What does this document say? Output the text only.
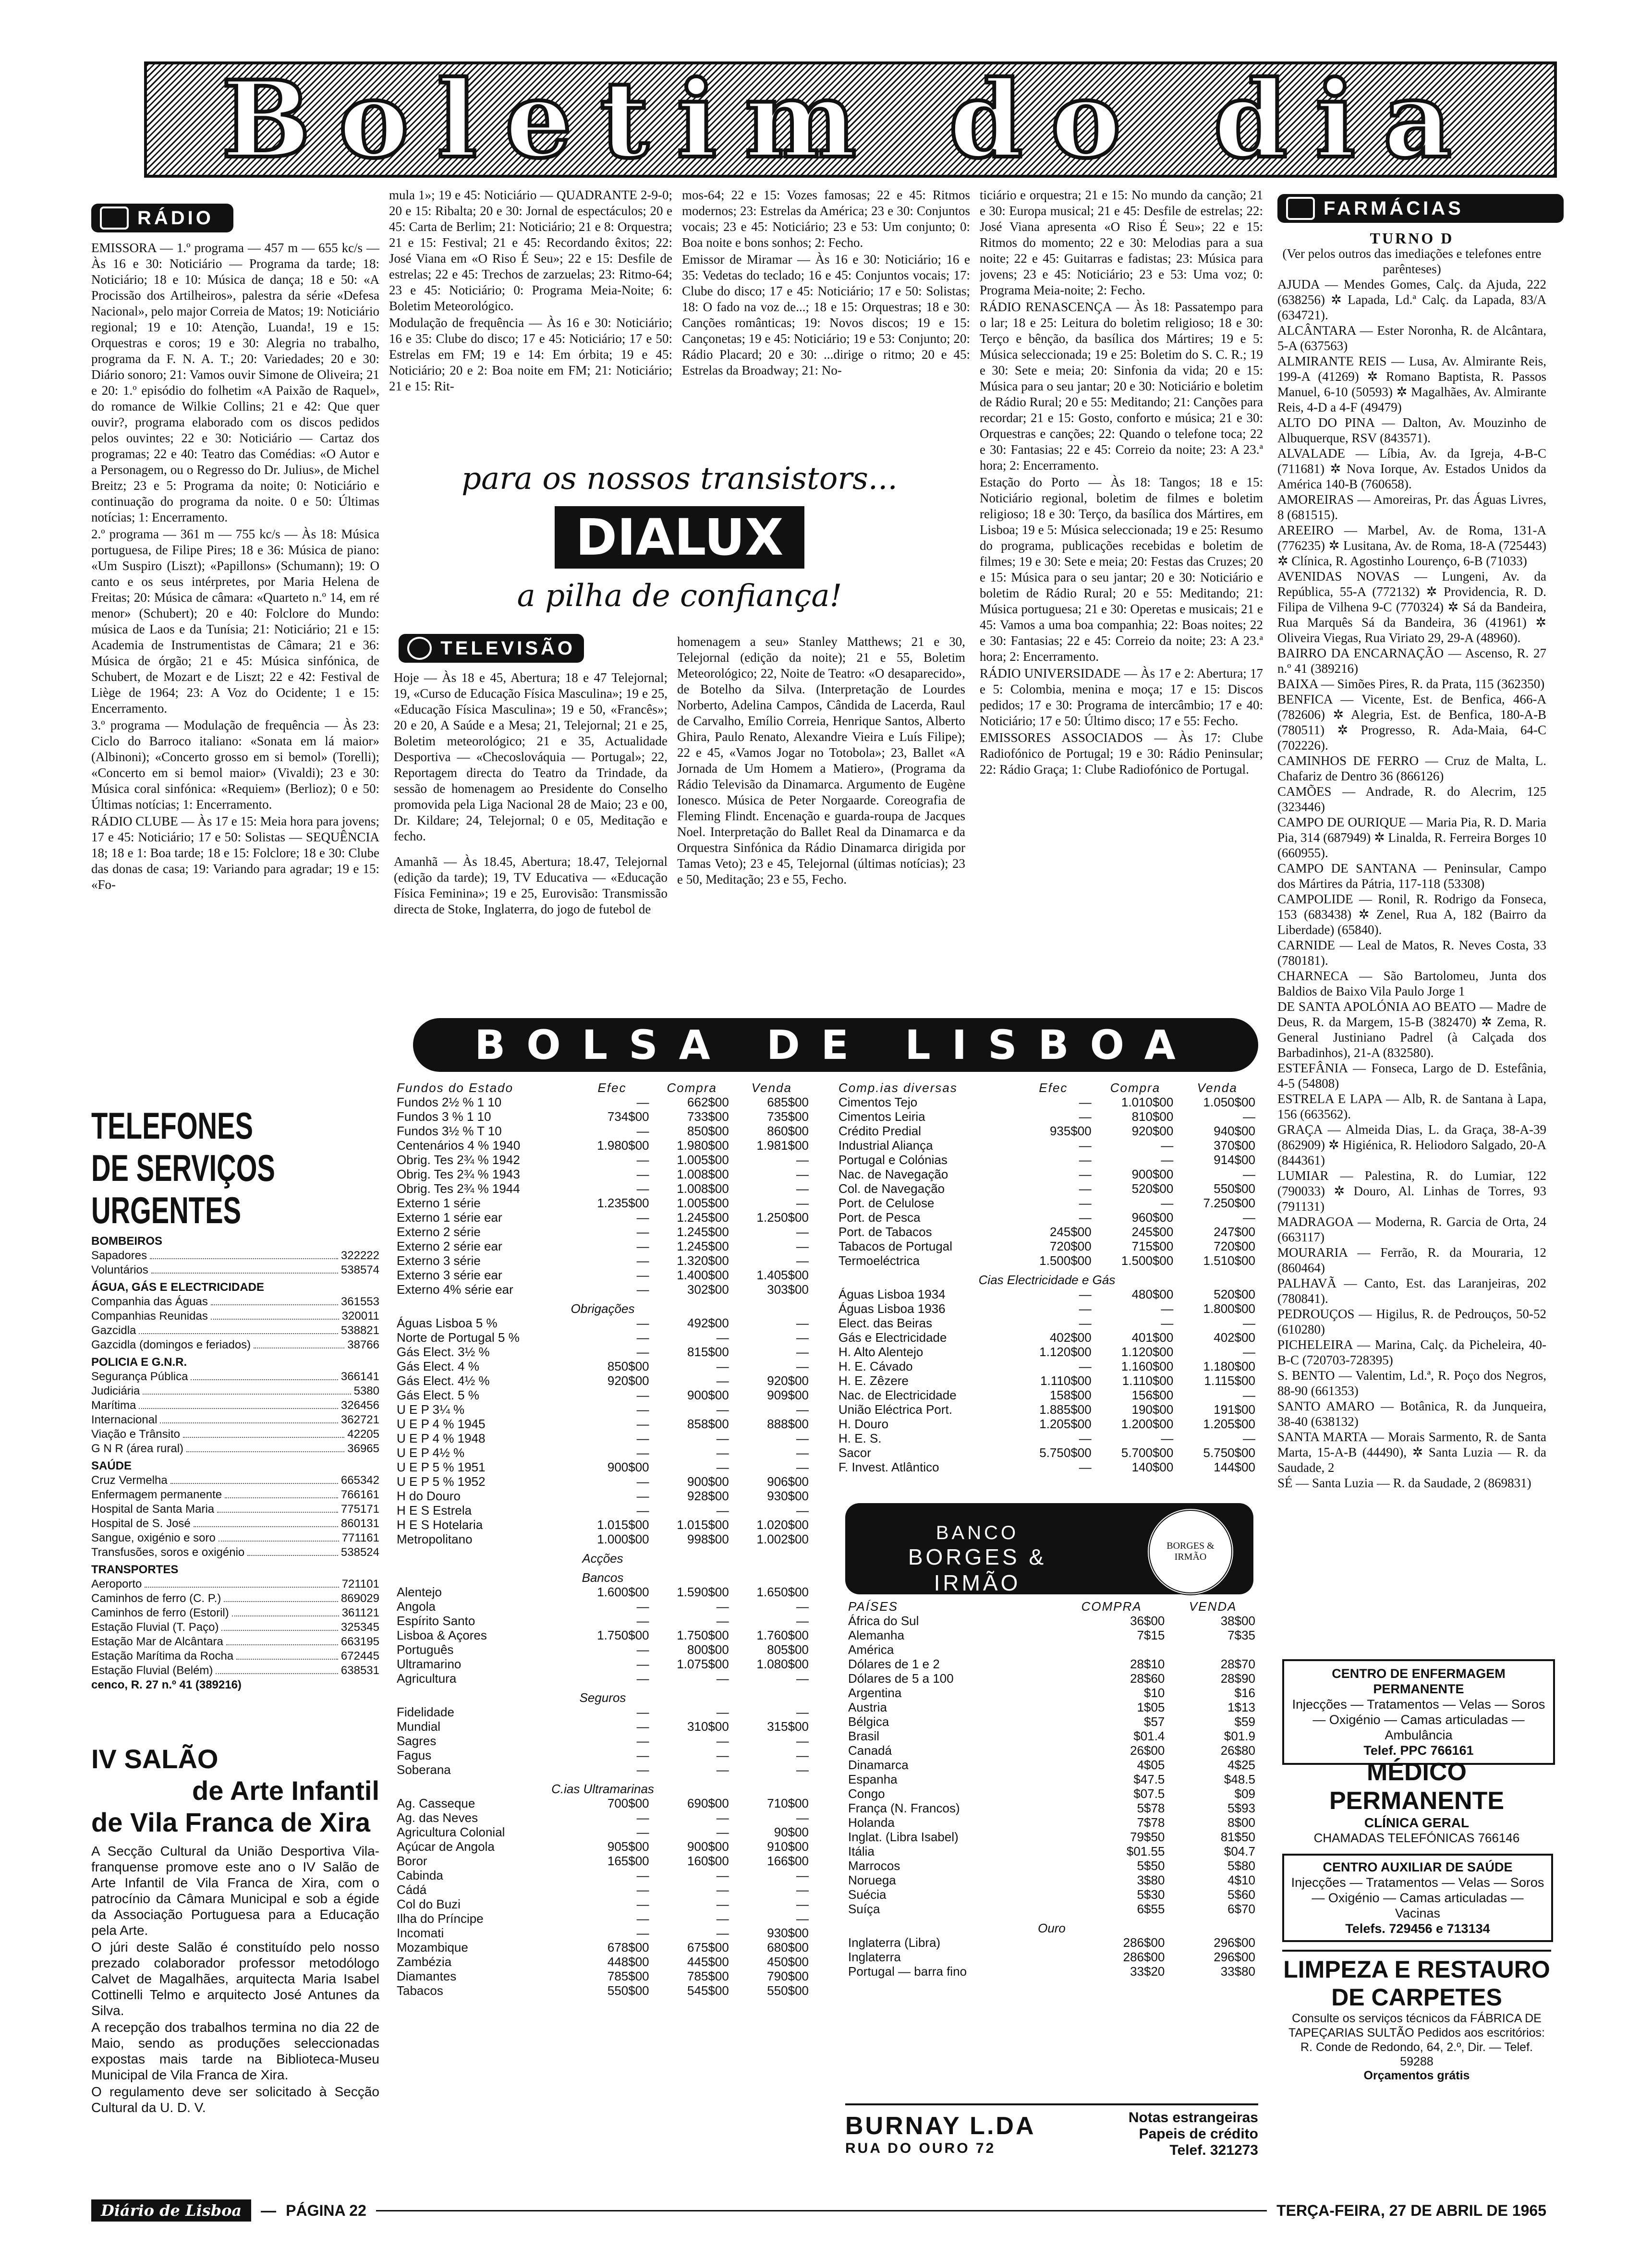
Boletim do dia
RÁDIO

EMISSORA — 1.º programa — 457 m — 655 kc/s — Às 16 e 30: Noticiário — Programa da tarde; 18: Noticiário; 18 e 10: Música de dança; 18 e 50: «A Procissão dos Artilheiros», palestra da série «Defesa Nacional», pelo major Correia de Matos; 19: Noticiário regional; 19 e 10: Atenção, Luanda!, 19 e 15: Orquestras e coros; 19 e 30: Alegria no trabalho, programa da F. N. A. T.; 20: Variedades; 20 e 30: Diário sonoro; 21: Vamos ouvir Simone de Oliveira; 21 e 20: 1.º episódio do folhetim «A Paixão de Raquel», do romance de Wilkie Collins; 21 e 42: Que quer ouvir?, programa elaborado com os discos pedidos pelos ouvintes; 22 e 30: Noticiário — Cartaz dos programas; 22 e 40: Teatro das Comédias: «O Autor e a Personagem, ou o Regresso do Dr. Julius», de Michel Breitz; 23 e 5: Programa da noite; 0: Noticiário e continuação do programa da noite. 0 e 50: Últimas notícias; 1: Encerramento.

2.º programa — 361 m — 755 kc/s — Às 18: Música portuguesa, de Filipe Pires; 18 e 36: Música de piano: «Um Suspiro (Liszt); «Papillons» (Schumann); 19: O canto e os seus intérpretes, por Maria Helena de Freitas; 20: Música de câmara: «Quarteto n.º 14, em ré menor» (Schubert); 20 e 40: Folclore do Mundo: música de Laos e da Tunísia; 21: Noticiário; 21 e 15: Academia de Instrumentistas de Câmara; 21 e 36: Música de órgão; 21 e 45: Música sinfónica, de Schubert, de Mozart e de Liszt; 22 e 42: Festival de Liège de 1964; 23: A Voz do Ocidente; 1 e 15: Encerramento.

3.º programa — Modulação de frequência — Às 23: Ciclo do Barroco italiano: «Sonata em lá maior» (Albinoni); «Concerto grosso em si bemol» (Torelli); «Concerto em si bemol maior» (Vivaldi); 23 e 30: Música coral sinfónica: «Requiem» (Berlioz); 0 e 50: Últimas notícias; 1: Encerramento.

RÁDIO CLUBE — Às 17 e 15: Meia hora para jovens; 17 e 45: Noticiário; 17 e 50: Solistas — SEQUÊNCIA 18; 18 e 1: Boa tarde; 18 e 15: Folclore; 18 e 30: Clube das donas de casa; 19: Variando para agradar; 19 e 15: «Fo-

mula 1»; 19 e 45: Noticiário — QUADRANTE 2-9-0; 20 e 15: Ribalta; 20 e 30: Jornal de espectáculos; 20 e 45: Carta de Berlim; 21: Noticiário; 21 e 8: Orquestra; 21 e 15: Festival; 21 e 45: Recordando êxitos; 22: José Viana em «O Riso É Seu»; 22 e 15: Desfile de estrelas; 22 e 45: Trechos de zarzuelas; 23: Ritmo-64; 23 e 45: Noticiário; 0: Programa Meia-Noite; 6: Boletim Meteorológico.

Modulação de frequência — Às 16 e 30: Noticiário; 16 e 35: Clube do disco; 17 e 45: Noticiário; 17 e 50: Estrelas em FM; 19 e 14: Em órbita; 19 e 45: Noticiário; 20 e 2: Boa noite em FM; 21: Noticiário; 21 e 15: Rit-

mos-64; 22 e 15: Vozes famosas; 22 e 45: Ritmos modernos; 23: Estrelas da América; 23 e 30: Conjuntos vocais; 23 e 45: Noticiário; 23 e 53: Um conjunto; 0: Boa noite e bons sonhos; 2: Fecho.

Emissor de Miramar — Às 16 e 30: Noticiário; 16 e 35: Vedetas do teclado; 16 e 45: Conjuntos vocais; 17: Clube do disco; 17 e 45: Noticiário; 17 e 50: Solistas; 18: O fado na voz de...; 18 e 15: Orquestras; 18 e 30: Canções românticas; 19: Novos discos; 19 e 15: Cançonetas; 19 e 45: Noticiário; 19 e 53: Conjunto; 20: Rádio Placard; 20 e 30: ...dirige o ritmo; 20 e 45: Estrelas da Broadway; 21: No-

ticiário e orquestra; 21 e 15: No mundo da canção; 21 e 30: Europa musical; 21 e 45: Desfile de estrelas; 22: José Viana apresenta «O Riso É Seu»; 22 e 15: Ritmos do momento; 22 e 30: Melodias para a sua noite; 22 e 45: Guitarras e fadistas; 23: Música para jovens; 23 e 45: Noticiário; 23 e 53: Uma voz; 0: Programa Meia-noite; 2: Fecho.

RÁDIO RENASCENÇA — Às 18: Passatempo para o lar; 18 e 25: Leitura do boletim religioso; 18 e 30: Terço e bênção, da basílica dos Mártires; 19 e 5: Música seleccionada; 19 e 25: Boletim do S. C. R.; 19 e 30: Sete e meia; 20: Sinfonia da vida; 20 e 15: Música para o seu jantar; 20 e 30: Noticiário e boletim de Rádio Rural; 20 e 55: Meditando; 21: Canções para recordar; 21 e 15: Gosto, conforto e música; 21 e 30: Orquestras e canções; 22: Quando o telefone toca; 22 e 30: Fantasias; 22 e 45: Correio da noite; 23: A 23.ª hora; 2: Encerramento.

Estação do Porto — Às 18: Tangos; 18 e 15: Noticiário regional, boletim de filmes e boletim religioso; 18 e 30: Terço, da basílica dos Mártires, em Lisboa; 19 e 5: Música seleccionada; 19 e 25: Resumo do programa, publicações recebidas e boletim de filmes; 19 e 30: Sete e meia; 20: Festas das Cruzes; 20 e 15: Música para o seu jantar; 20 e 30: Noticiário e boletim de Rádio Rural; 20 e 55: Meditando; 21: Música portuguesa; 21 e 30: Operetas e musicais; 21 e 45: Vamos a uma boa companhia; 22: Boas noites; 22 e 30: Fantasias; 22 e 45: Correio da noite; 23: A 23.ª hora; 2: Encerramento.

RÁDIO UNIVERSIDADE — Às 17 e 2: Abertura; 17 e 5: Colombia, menina e moça; 17 e 15: Discos pedidos; 17 e 30: Programa de intercâmbio; 17 e 40: Noticiário; 17 e 50: Último disco; 17 e 55: Fecho.

EMISSORES ASSOCIADOS — Às 17: Clube Radiofónico de Portugal; 19 e 30: Rádio Peninsular; 22: Rádio Graça; 1: Clube Radiofónico de Portugal.

para os nossos transistors...
DIALUX
a pilha de confiança!
TELEVISÃO

Hoje — Às 18 e 45, Abertura; 18 e 47 Telejornal; 19, «Curso de Educação Física Masculina»; 19 e 25, «Educação Física Masculina»; 19 e 50, «Francês»; 20 e 20, A Saúde e a Mesa; 21, Telejornal; 21 e 25, Boletim meteorológico; 21 e 35, Actualidade Desportiva — «Checoslováquia — Portugal»; 22, Reportagem directa do Teatro da Trindade, da sessão de homenagem ao Presidente do Conselho promovida pela Liga Nacional 28 de Maio; 23 e 00, Dr. Kildare; 24, Telejornal; 0 e 05, Meditação e fecho.

Amanhã — Às 18.45, Abertura; 18.47, Telejornal (edição da tarde); 19, TV Educativa — «Educação Física Feminina»; 19 e 25, Eurovisão: Transmissão directa de Stoke, Inglaterra, do jogo de futebol de

homenagem a seu» Stanley Matthews; 21 e 30, Telejornal (edição da noite); 21 e 55, Boletim Meteorológico; 22, Noite de Teatro: «O desaparecido», de Botelho da Silva. (Interpretação de Lourdes Norberto, Adelina Campos, Cândida de Lacerda, Raul de Carvalho, Emílio Correia, Henrique Santos, Alberto Ghira, Paulo Renato, Alexandre Vieira e Luís Filipe); 22 e 45, «Vamos Jogar no Totobola»; 23, Ballet «A Jornada de Um Homem a Matiero», (Programa da Rádio Televisão da Dinamarca. Argumento de Eugène Ionesco. Música de Peter Norgaarde. Coreografia de Fleming Flindt. Encenação e guarda-roupa de Jacques Noel. Interpretação do Ballet Real da Dinamarca e da Orquestra Sinfónica da Rádio Dinamarca dirigida por Tamas Veto); 23 e 45, Telejornal (últimas notícias); 23 e 50, Meditação; 23 e 55, Fecho.

TELEFONES
DE SERVIÇOS URGENTES
BOMBEIROS
Sapadores	322222
Voluntários	538574
ÁGUA, GÁS E ELECTRICIDADE
Companhia das Águas	361553
Companhias Reunidas	320011
Gazcidla	538821
Gazcidla (domingos e feriados)	38766
POLICIA E G.N.R.
Segurança Pública	366141
Judiciária	5380
Marítima	326456
Internacional	362721
Viação e Trânsito	42205
G N R (área rural)	36965
SAÚDE
Cruz Vermelha	665342
Enfermagem permanente	766161
Hospital de Santa Maria	775171
Hospital de S. José	860131
Sangue, oxigénio e soro	771161
Transfusões, soros e oxigénio	538524
TRANSPORTES
Aeroporto	721101
Caminhos de ferro (C. P.)	869029
Caminhos de ferro (Estoril)	361121
Estação Fluvial (T. Paço)	325345
Estação Mar de Alcântara	663195
Estação Marítima da Rocha	672445
Estação Fluvial (Belém)	638531
cenco, R. 27 n.º 41 (389216)
IV SALÃO
de Arte Infantil
de Vila Franca de Xira

A Secção Cultural da União Desportiva Vila-franquense promove este ano o IV Salão de Arte Infantil de Vila Franca de Xira, com o patrocínio da Câmara Municipal e sob a égide da Associação Portuguesa para a Educação pela Arte.

O júri deste Salão é constituído pelo nosso prezado colaborador professor metodólogo Calvet de Magalhães, arquitecta Maria Isabel Cottinelli Telmo e arquitecto José Antunes da Silva.

A recepção dos trabalhos termina no dia 22 de Maio, sendo as produções seleccionadas expostas mais tarde na Biblioteca-Museu Municipal de Vila Franca de Xira.

O regulamento deve ser solicitado à Secção Cultural da U. D. V.

BOLSA DE LISBOA
Fundos do Estado	Efec	Compra	Venda
Fundos 2½ % 1 10	—	662$00	685$00
Fundos 3 % 1 10	734$00	733$00	735$00
Fundos 3½ % T 10	—	850$00	860$00
Centenários 4 % 1940	1.980$00	1.980$00	1.981$00
Obrig. Tes 2¾ % 1942	—	1.005$00	—
Obrig. Tes 2¾ % 1943	—	1.008$00	—
Obrig. Tes 2¾ % 1944	—	1.008$00	—
Externo 1 série	1.235$00	1.005$00	—
Externo 1 série ear	—	1.245$00	1.250$00
Externo 2 série	—	1.245$00	—
Externo 2 série ear	—	1.245$00	—
Externo 3 série	—	1.320$00	—
Externo 3 série ear	—	1.400$00	1.405$00
Externo 4% série ear	—	302$00	303$00
Obrigações			
Águas Lisboa 5 %	—	492$00	—
Norte de Portugal 5 %	—	—	—
Gás Elect. 3½ %	—	815$00	—
Gás Elect. 4 %	850$00	—	—
Gás Elect. 4½ %	920$00	—	920$00
Gás Elect. 5 %	—	900$00	909$00
U E P 3¼ %	—	—	—
U E P 4 % 1945	—	858$00	888$00
U E P 4 % 1948	—	—	—
U E P 4½ %	—	—	—
U E P 5 % 1951	900$00	—	—
U E P 5 % 1952	—	900$00	906$00
H do Douro	—	928$00	930$00
H E S Estrela	—	—	—
H E S Hotelaria	1.015$00	1.015$00	1.020$00
Metropolitano	1.000$00	998$00	1.002$00
Acções			
Bancos			
Alentejo	1.600$00	1.590$00	1.650$00
Angola	—	—	—
Espírito Santo	—	—	—
Lisboa & Açores	1.750$00	1.750$00	1.760$00
Português	—	800$00	805$00
Ultramarino	—	1.075$00	1.080$00
Agricultura	—	—	—
Seguros			
Fidelidade	—	—	—
Mundial	—	310$00	315$00
Sagres	—	—	—
Fagus	—	—	—
Soberana	—	—	—
C.ias Ultramarinas			
Ag. Casseque	700$00	690$00	710$00
Ag. das Neves	—	—	—
Agricultura Colonial	—	—	90$00
Açúcar de Angola	905$00	900$00	910$00
Boror	165$00	160$00	166$00
Cabinda	—	—	—
Cádá	—	—	—
Col do Buzi	—	—	—
Ilha do Príncipe	—	—	—
Incomati	—	—	930$00
Mozambique	678$00	675$00	680$00
Zambézia	448$00	445$00	450$00
Diamantes	785$00	785$00	790$00
Tabacos	550$00	545$00	550$00
Comp.ias diversas	Efec	Compra	Venda
Cimentos Tejo	—	1.010$00	1.050$00
Cimentos Leiria	—	810$00	—
Crédito Predial	935$00	920$00	940$00
Industrial Aliança	—	—	370$00
Portugal e Colónias	—	—	914$00
Nac. de Navegação	—	900$00	—
Col. de Navegação	—	520$00	550$00
Port. de Celulose	—	—	7.250$00
Port. de Pesca	—	960$00	—
Port. de Tabacos	245$00	245$00	247$00
Tabacos de Portugal	720$00	715$00	720$00
Termoeléctrica	1.500$00	1.500$00	1.510$00
Cias Electricidade e Gás			
Águas Lisboa 1934	—	480$00	520$00
Águas Lisboa 1936	—	—	1.800$00
Elect. das Beiras	—	—	—
Gás e Electricidade	402$00	401$00	402$00
H. Alto Alentejo	1.120$00	1.120$00	—
H. E. Cávado	—	1.160$00	1.180$00
H. E. Zêzere	1.110$00	1.110$00	1.115$00
Nac. de Electricidade	158$00	156$00	—
União Eléctrica Port.	1.885$00	190$00	191$00
H. Douro	1.205$00	1.200$00	1.205$00
H. E. S.	—	—	—
Sacor	5.750$00	5.700$00	5.750$00
F. Invest. Atlântico	—	140$00	144$00
BANCO
BORGES & IRMÃO
BORGES & IRMÃO
PAÍSES	COMPRA	VENDA
África do Sul	36$00	38$00
Alemanha	7$15	7$35
América		
Dólares de 1 e 2	28$10	28$70
Dólares de 5 a 100	28$60	28$90
Argentina	$10	$16
Austria	1$05	1$13
Bélgica	$57	$59
Brasil	$01.4	$01.9
Canadá	26$00	26$80
Dinamarca	4$05	4$25
Espanha	$47.5	$48.5
Congo	$07.5	$09
França (N. Francos)	5$78	5$93
Holanda	7$78	8$00
Inglat. (Libra Isabel)	79$50	81$50
Itália	$01.55	$04.7
Marrocos	5$50	5$80
Noruega	3$80	4$10
Suécia	5$30	5$60
Suíça	6$55	6$70
Ouro		
Inglaterra (Libra)	286$00	296$00
Inglaterra	286$00	296$00
Portugal — barra fino	33$20	33$80
BURNAY L.DA
RUA DO OURO 72
Notas estrangeiras
Papeis de crédito
Telef. 321273
FARMÁCIAS
TURNO D
(Ver pelos outros das imediações e telefones entre parênteses)
AJUDA — Mendes Gomes, Calç. da Ajuda, 222 (638256) ✲ Lapada, Ld.ª Calç. da Lapada, 83/A (634721).
ALCÂNTARA — Ester Noronha, R. de Alcântara, 5-A (637563)
ALMIRANTE REIS — Lusa, Av. Almirante Reis, 199-A (41269) ✲ Romano Baptista, R. Passos Manuel, 6-10 (50593) ✲ Magalhães, Av. Almirante Reis, 4-D a 4-F (49479)
ALTO DO PINA — Dalton, Av. Mouzinho de Albuquerque, RSV (843571).
ALVALADE — Líbia, Av. da Igreja, 4-B-C (711681) ✲ Nova Iorque, Av. Estados Unidos da América 140-B (760658).
AMOREIRAS — Amoreiras, Pr. das Águas Livres, 8 (681515).
AREEIRO — Marbel, Av. de Roma, 131-A (776235) ✲ Lusitana, Av. de Roma, 18-A (725443) ✲ Clínica, R. Agostinho Lourenço, 6-B (71033)
AVENIDAS NOVAS — Lungeni, Av. da República, 55-A (772132) ✲ Providencia, R. D. Filipa de Vilhena 9-C (770324) ✲ Sá da Bandeira, Rua Marquês Sá da Bandeira, 36 (41961) ✲ Oliveira Viegas, Rua Viriato 29, 29-A (48960).
BAIRRO DA ENCARNAÇÃO — Ascenso, R. 27 n.º 41 (389216)
BAIXA — Simões Pires, R. da Prata, 115 (362350)
BENFICA — Vicente, Est. de Benfica, 466-A (782606) ✲ Alegria, Est. de Benfica, 180-A-B (780511) ✲ Progresso, R. Ada-Maia, 64-C (702226).
CAMINHOS DE FERRO — Cruz de Malta, L. Chafariz de Dentro 36 (866126)
CAMÕES — Andrade, R. do Alecrim, 125 (323446)
CAMPO DE OURIQUE — Maria Pia, R. D. Maria Pia, 314 (687949) ✲ Linalda, R. Ferreira Borges 10 (660955).
CAMPO DE SANTANA — Peninsular, Campo dos Mártires da Pátria, 117-118 (53308)
CAMPOLIDE — Ronil, R. Rodrigo da Fonseca, 153 (683438) ✲ Zenel, Rua A, 182 (Bairro da Liberdade) (65840).
CARNIDE — Leal de Matos, R. Neves Costa, 33 (780181).
CHARNECA — São Bartolomeu, Junta dos Baldios de Baixo Vila Paulo Jorge 1
DE SANTA APOLÓNIA AO BEATO — Madre de Deus, R. da Margem, 15-B (382470) ✲ Zema, R. General Justiniano Padrel (à Calçada dos Barbadinhos), 21-A (832580).
ESTEFÂNIA — Fonseca, Largo de D. Estefânia, 4-5 (54808)
ESTRELA E LAPA — Alb, R. de Santana à Lapa, 156 (663562).
GRAÇA — Almeida Dias, L. da Graça, 38-A-39 (862909) ✲ Higiénica, R. Heliodoro Salgado, 20-A (844361)
LUMIAR — Palestina, R. do Lumiar, 122 (790033) ✲ Douro, Al. Linhas de Torres, 93 (791131)
MADRAGOA — Moderna, R. Garcia de Orta, 24 (663117)
MOURARIA — Ferrão, R. da Mouraria, 12 (860464)
PALHAVÃ — Canto, Est. das Laranjeiras, 202 (780841).
PEDROUÇOS — Higilus, R. de Pedrouços, 50-52 (610280)
PICHELEIRA — Marina, Calç. da Picheleira, 40-B-C (720703-728395)
S. BENTO — Valentim, Ld.ª, R. Poço dos Negros, 88-90 (661353)
SANTO AMARO — Botânica, R. da Junqueira, 38-40 (638132)
SANTA MARTA — Morais Sarmento, R. de Santa Marta, 15-A-B (44490), ✲ Santa Luzia — R. da Saudade, 2
SÉ — Santa Luzia — R. da Saudade, 2 (869831)
CENTRO DE ENFERMAGEM PERMANENTE
Injecções — Tratamentos — Velas — Soros — Oxigénio — Camas articuladas — Ambulância
Telef. PPC 766161
MÉDICO PERMANENTE
CLÍNICA GERAL
CHAMADAS TELEFÓNICAS 766146
CENTRO AUXILIAR DE SAÚDE
Injecções — Tratamentos — Velas — Soros — Oxigénio — Camas articuladas — Vacinas
Telefs. 729456 e 713134
LIMPEZA E RESTAURO
DE CARPETES
Consulte os serviços técnicos da FÁBRICA DE TAPEÇARIAS SULTÃO Pedidos aos escritórios: R. Conde de Redondo, 64, 2.º, Dir. — Telef. 59288
Orçamentos grátis
Diário de Lisboa	— PÁGINA 22	TERÇA-FEIRA, 27 DE ABRIL DE 1965
